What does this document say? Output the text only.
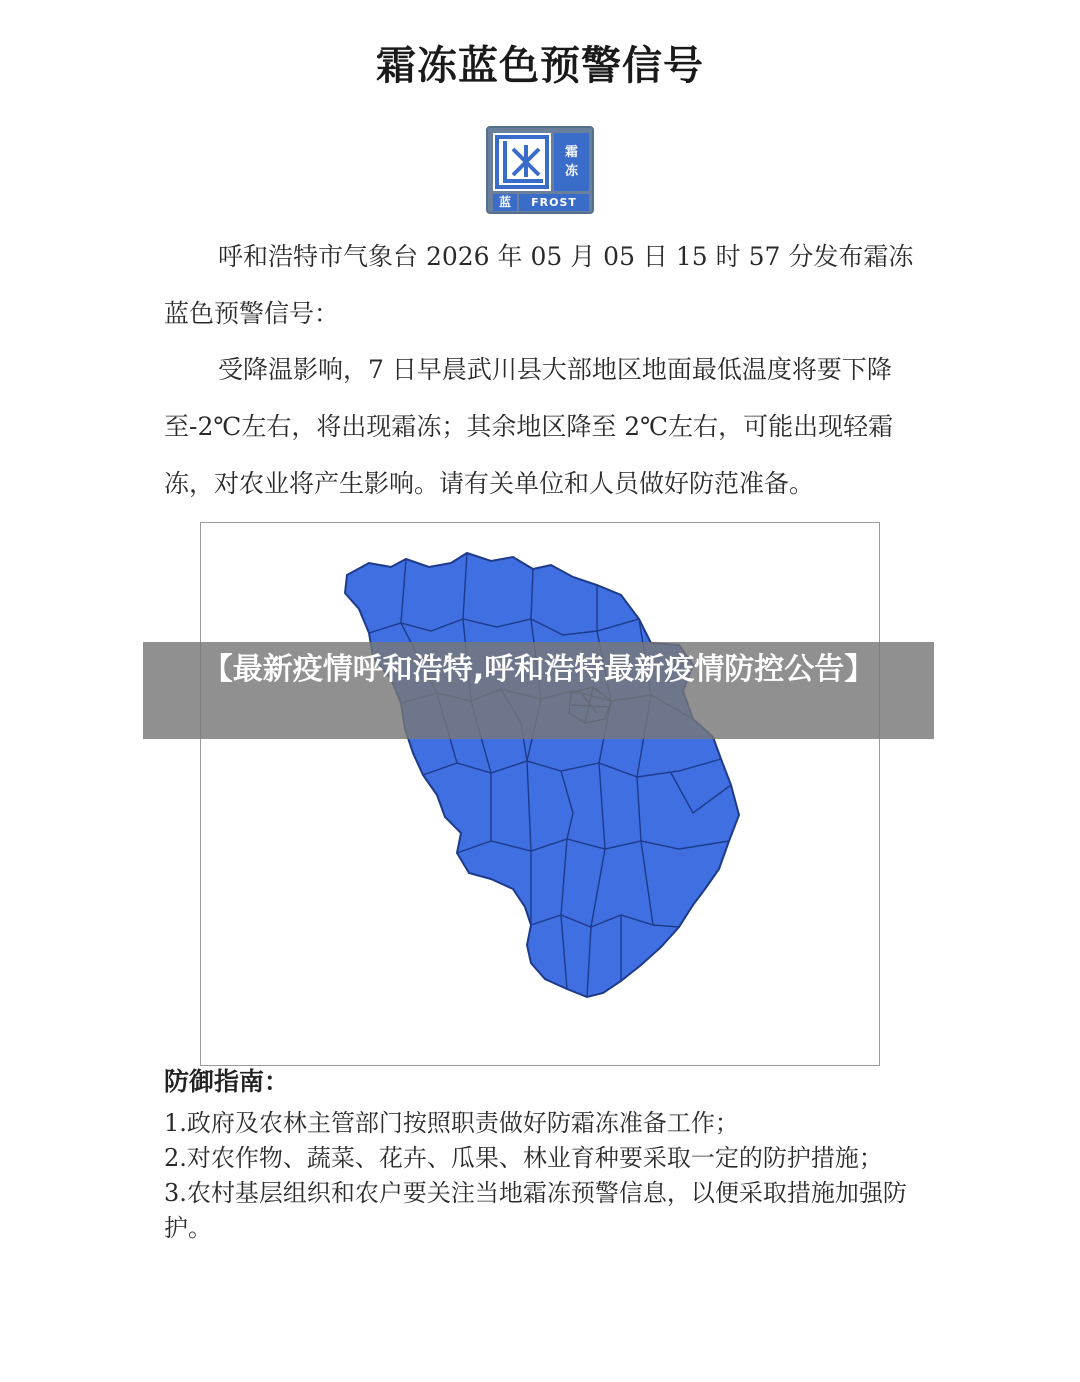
霜冻蓝色预警信号
霜
冻
蓝	FROST
呼和浩特市气象台 2026 年 05 月 05 日 15 时 57 分发布霜冻蓝色预警信号：
受降温影响，7 日早晨武川县大部地区地面最低温度将要下降至-2℃左右，将出现霜冻；其余地区降至 2℃左右，可能出现轻霜冻，对农业将产生影响。请有关单位和人员做好防范准备。
【最新疫情呼和浩特,呼和浩特最新疫情防控公告】
防御指南：
1.政府及农林主管部门按照职责做好防霜冻准备工作；
2.对农作物、蔬菜、花卉、瓜果、林业育种要采取一定的防护措施；
3.农村基层组织和农户要关注当地霜冻预警信息，以便采取措施加强防护。
